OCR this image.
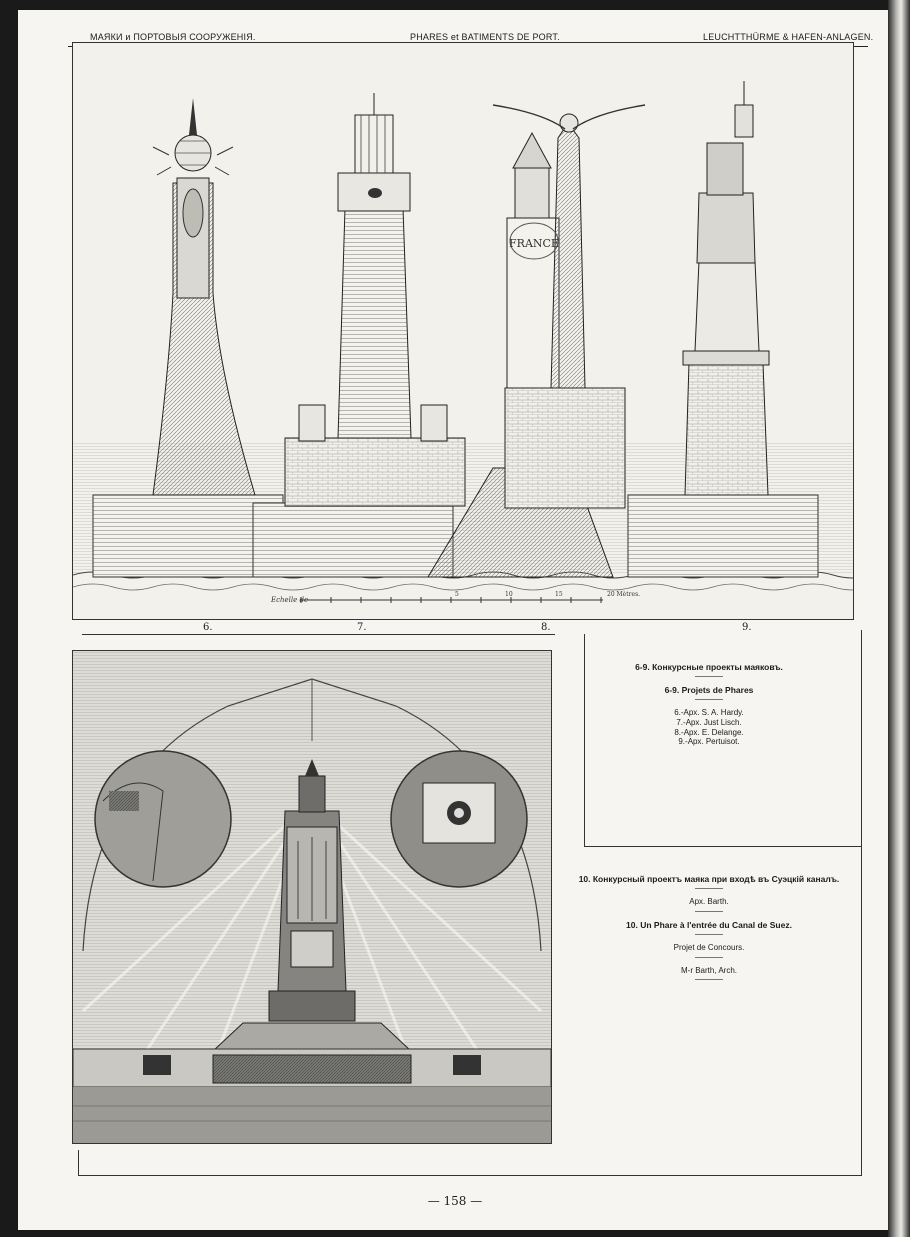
МАЯКИ и ПОРТОВЫЯ СООРУЖЕНІЯ.	PHARES et BATIMENTS DE PORT.	LEUCHTTHÜRME & HAFEN-ANLAGEN.
FRANCE
Echelle de
5	10	15	20 Mètres.
6.	7.	8.	9.
6-9. Конкурсные проекты маяковъ.
6-9. Projets de Phares
6.-Арх. S. A. Hardy.
7.-Арх. Just Lisch.
8.-Арх. E. Delange.
9.-Арх. Pertuisot.
10. Конкурсный проектъ маяка при входѣ въ Суэцкій каналъ.
Арх. Barth.
10. Un Phare à l'entrée du Canal de Suez.
Projet de Concours.
M-r Barth, Arch.
— 158 —
